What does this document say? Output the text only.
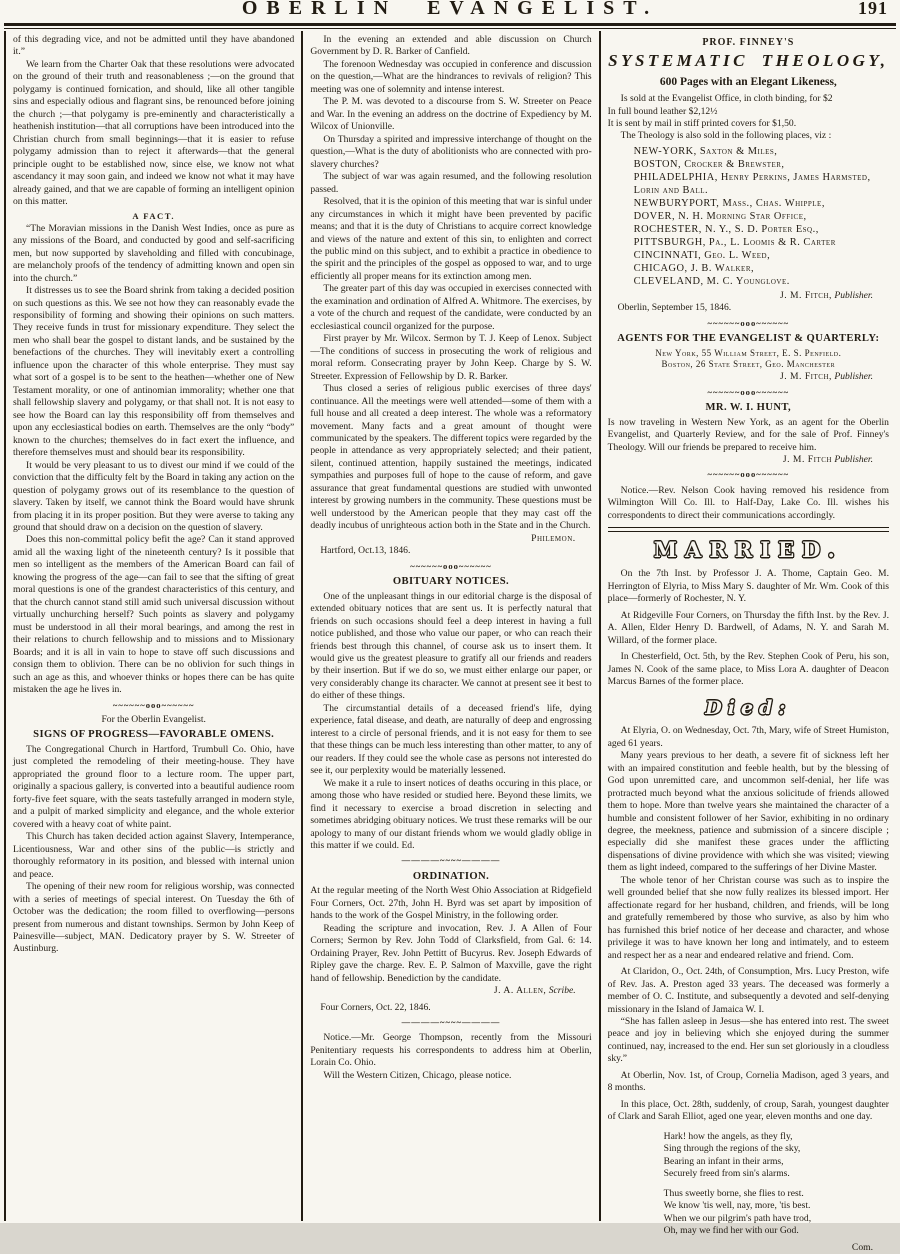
OBERLIN EVANGELIST.	191

of this degrading vice, and not be admitted until they have abandoned it.”

We learn from the Charter Oak that these resolutions were advocated on the ground of their truth and reasonableness ;—on the ground that polygamy is continued fornication, and should, like all other tangible sins and especially odious and flagrant sins, be renounced before joining the church ;—that polygamy is pre-eminently and characteristically a heathenish institution—that all corruptions have been introduced into the Christian church from small beginnings—that it is easier to refuse polygamy admission than to reject it afterwards—that the general principle ought to be established now, since else, we know not what ascendancy it may soon gain, and indeed we know not what it may have already gained, and that we are capable of forming an intelligent opinion on this matter.

A FACT.

“The Moravian missions in the Danish West Indies, once as pure as any missions of the Board, and conducted by good and self-sacrificing men, but now supported by slaveholding and filled with concubinage, are melancholy proofs of the tendency of admitting known and open sin into the church.”

It distresses us to see the Board shrink from taking a decided position on such questions as this. We see not how they can reasonably evade the responsibility of forming and showing their opinions on such matters. They receive funds in trust for missionary expenditure. They select the men who shall bear the gospel to distant lands, and be sustained by the benefactions of the churches. They will inevitably exert a controlling influence upon the character of this whole enterprise. They must say what sort of a gospel is to be sent to the heathen—whether one of New Testament morality, or one of antinomian immorality; whether one that shall fellowship slavery and polygamy, or that shall not. It is not easy to see how the Board can lay this responsibility off from themselves and upon any ecclesiastical bodies on earth. Themselves are the only “body” known to the churches; themselves do in fact exert the influence, and therefore themselves must and should bear its responsibility.

It would be very pleasant to us to divest our mind if we could of the conviction that the difficulty felt by the Board in taking any action on the question of polygamy grows out of its resemblance to the question of slavery. Taken by itself, we cannot think the Board would have shrunk from placing it in its proper position. But they were averse to taking any ground that should draw on a decision on the question of slavery.

Does this non-committal policy befit the age? Can it stand approved amid all the waxing light of the nineteenth century? Is it possible that men so intelligent as the members of the American Board can fail of knowing the progress of the age—can fail to see that the sifting of great moral questions is one of the grandest characteristics of this century, and that the church cannot stand still amid such universal discussion without virtually unchurching herself? Such points as slavery and polygamy must be understood in all their moral bearings, and among the rest in their relations to church fellowship and to missions and to Missionary Boards; and it is all in vain to hope to stave off such discussions and consign them to oblivion. There can be no oblivion for such things in such an age as this, and whoever thinks or hopes there can be has quite mistaken the age he lives in.

~~~~~~ooo~~~~~~
For the Oberlin Evangelist.
SIGNS OF PROGRESS—FAVORABLE OMENS.

The Congregational Church in Hartford, Trumbull Co. Ohio, have just completed the remodeling of their meeting-house. They have appropriated the ground floor to a lecture room. The upper part, originally a spacious gallery, is converted into a beautiful audience room forty-five feet square, with the seats tastefully arranged in modern style, and a pulpit of marked simplicity and elegance, and the whole exterior covered with a heavy coat of white paint.

This Church has taken decided action against Slavery, Intemperance, Licentiousness, War and other sins of the public—is strictly and thoroughly reformatory in its position, and blessed with internal union and peace.

The opening of their new room for religious worship, was connected with a series of meetings of special interest. On Tuesday the 6th of October was the dedication; the room filled to overflowing—persons present from numerous and distant townships. Sermon by John Keep of Painesville—subject, MAN. Dedicatory prayer by S. W. Streeter of Austinburg.

In the evening an extended and able discussion on Church Government by D. R. Barker of Canfield.

The forenoon Wednesday was occupied in conference and discussion on the question,—What are the hindrances to revivals of religion? This meeting was one of solemnity and intense interest.

The P. M. was devoted to a discourse from S. W. Streeter on Peace and War. In the evening an address on the doctrine of Expediency by M. Wilcox of Unionville.

On Thursday a spirited and impressive interchange of thought on the question,—What is the duty of abolitionists who are connected with pro-slavery churches?

The subject of war was again resumed, and the following resolution passed.

Resolved, that it is the opinion of this meeting that war is sinful under any circumstances in which it might have been prevented by pacific means; and that it is the duty of Christians to acquire correct knowledge and views of the nature and extent of this sin, to enlighten and correct the public mind on this subject, and to exhibit a practice in obedience to the spirit and the principles of the gospel as opposed to war, and to urge efficiently all proper means for its extinction among men.

The greater part of this day was occupied in exercises connected with the examination and ordination of Alfred A. Whitmore. The exercises, by a vote of the church and request of the candidate, were conducted by an ecclesiastical council organized for the purpose.

First prayer by Mr. Wilcox. Sermon by T. J. Keep of Lenox. Subject—The conditions of success in prosecuting the work of religious and moral reform. Consecrating prayer by John Keep. Charge by S. W. Streeter. Expression of Fellowship by D. R. Barker.

Thus closed a series of religious public exercises of three days' continuance. All the meetings were well attended—some of them with a full house and all created a deep interest. The whole was a reformatory movement. Many facts and a great amount of thought were communicated by the speakers. The different topics were regarded by the people in attendance as very appropriately selected; and their patient, silent, continued attention, happily sustained the meetings, indicated sympathies and purposes full of hope to the cause of reform, and gave assurance that great fundamental questions are studied with unwonted interest by growing numbers in the community. These questions must be well understood by the American people that they may cast off the deadly incubus of unrighteous action both in the State and in the Church.

Philemon.
Hartford, Oct.13, 1846.
~~~~~~ooo~~~~~~
OBITUARY NOTICES.

One of the unpleasant things in our editorial charge is the disposal of extended obituary notices that are sent us. It is perfectly natural that friends on such occasions should feel a deep interest in having a full notice published, and those who value our paper, or who can reach their friends best through this channel, of course ask us to insert them. It would give us the greatest pleasure to gratify all our friends and readers by their insertion. But if we do so, we must either enlarge our paper, or very considerably change its character. We cannot at present see it best to do either of these things.

The circumstantial details of a deceased friend's life, dying experience, fatal disease, and death, are naturally of deep and engrossing interest to a circle of personal friends, and it is not easy for them to see that these things can be much less interesting than other matter, to any of our readers. If they could see the whole case as persons not interested do see it, our perplexity would be materially lessened.

We make it a rule to insert notices of deaths occuring in this place, or among those who have resided or studied here. Beyond these limits, we find it necessary to exercise a broad discretion in selecting and sometimes abridging obituary notices. We trust these remarks will be our apology to many of our distant friends whom we would gladly oblige in this matter if we could. Ed.

————~~~~————
ORDINATION.

At the regular meeting of the North West Ohio Association at Ridgefield Four Corners, Oct. 27th, John H. Byrd was set apart by imposition of hands to the work of the Gospel Ministry, in the following order.

Reading the scripture and invocation, Rev. J. A Allen of Four Corners; Sermon by Rev. John Todd of Clarksfield, from Gal. 6: 14. Ordaining Prayer, Rev. John Pettitt of Bucyrus. Rev. Joseph Edwards of Ripley gave the charge. Rev. E. P. Salmon of Maxville, gave the right hand of fellowship. Benediction by the candidate.

J. A. Allen, Scribe.
Four Corners, Oct. 22, 1846.
————~~~~————

Notice.—Mr. George Thompson, recently from the Missouri Penitentiary requests his correspondents to address him at Oberlin, Lorain Co. Ohio.

Will the Western Citizen, Chicago, please notice.

PROF. FINNEY'S
SYSTEMATIC THEOLOGY,
600 Pages with an Elegant Likeness,

Is sold at the Evangelist Office, in cloth binding, for $2

In full bound leather $2,12½

It is sent by mail in stiff printed covers for $1,50.

The Theology is also sold in the following places, viz :

NEW-YORK, Saxton & Miles,
BOSTON, Crocker & Brewster,
PHILADELPHIA, Henry Perkins, James Harmsted, Lorin and Ball.
NEWBURYPORT, Mass., Chas. Whipple,
DOVER, N. H. Morning Star Office,
ROCHESTER, N. Y., S. D. Porter Esq.,
PITTSBURGH, Pa., L. Loomis & R. Carter
CINCINNATI, Geo. L. Weed,
CHICAGO, J. B. Walker,
CLEVELAND, M. C. Younglove.
J. M. Fitch, Publisher.
Oberlin, September 15, 1846.
~~~~~~ooo~~~~~~
AGENTS FOR THE EVANGELIST & QUARTERLY:
New York, 55 William Street, E. S. Penfield.
Boston, 26 State Street, Geo. Manchester
J. M. Fitch, Publisher.
~~~~~~ooo~~~~~~
MR. W. I. HUNT,

Is now traveling in Western New York, as an agent for the Oberlin Evangelist, and Quarterly Review, and for the sale of Prof. Finney's Theology. Will our friends be prepared to receive him.

J. M. Fitch Publisher.
~~~~~~ooo~~~~~~

Notice.—Rev. Nelson Cook having removed his residence from Wilmington Will Co. Ill. to Half-Day, Lake Co. Ill. wishes his correspondents to direct their communications accordingly.

MARRIED.

On the 7th Inst. by Professor J. A. Thome, Captain Geo. M. Herrington of Elyria, to Miss Mary S. daughter of Mr. Wm. Cook of this place—formerly of Rochester, N. Y.

At Ridgeville Four Corners, on Thursday the fifth Inst. by the Rev. J. A. Allen, Elder Henry D. Bardwell, of Adams, N. Y. and Sarah M. Willard, of the former place.

In Chesterfield, Oct. 5th, by the Rev. Stephen Cook of Peru, his son, James N. Cook of the same place, to Miss Lora A. daughter of Deacon Marcus Barnes of the former place.

Died:

At Elyria, O. on Wednesday, Oct. 7th, Mary, wife of Street Humiston, aged 61 years.

Many years previous to her death, a severe fit of sickness left her with an impaired constitution and feeble health, but by the blessing of God upon unremitted care, and uncommon self-denial, her life was protracted much beyond what the anxious solicitude of friends allowed them to hope. More than twelve years she maintained the character of a humble and consistent follower of her Savior, exhibiting in no ordinary degree, the meekness, patience and submission of a sincere disciple ; especially did she manifest these graces under the afflicting dispensations of divine providence with which she was visited; viewing them as light indeed, compared to the sufferings of her Divine Master.

The whole tenor of her Christan course was such as to inspire the well grounded belief that she now fully realizes its blessed import. Her affectionate regard for her husband, children, and friends, will be long and gratefully remembered by those who survive, as also by him who has furnished this brief notice of her decease and character, and whose privilege it was to have known her long and intimately, and to esteem and respect her as a near and endeared relative and friend. Com.

At Claridon, O., Oct. 24th, of Consumption, Mrs. Lucy Preston, wife of Rev. Jas. A. Preston aged 33 years. The deceased was formerly a member of O. C. Institute, and subsequently a devoted and self-denying missionary in the Island of Jamaica W. I.

“She has fallen asleep in Jesus—she has entered into rest. The sweet peace and joy in believing which she enjoyed during the summer continued, nay, increased to the end. Her sun set gloriously in a cloudless sky.”

At Oberlin, Nov. 1st, of Croup, Cornelia Madison, aged 3 years, and 8 months.

In this place, Oct. 28th, suddenly, of croup, Sarah, youngest daughter of Clark and Sarah Elliot, aged one year, eleven months and one day.

Hark! how the angels, as they fly,
Sing through the regions of the sky,
Bearing an infant in their arms,
Securely freed from sin's alarms.
Thus sweetly borne, she flies to rest.
We know 'tis well, nay, more, 'tis best.
When we our pilgrim's path have trod,
Oh, may we find her with our God.
Com.
